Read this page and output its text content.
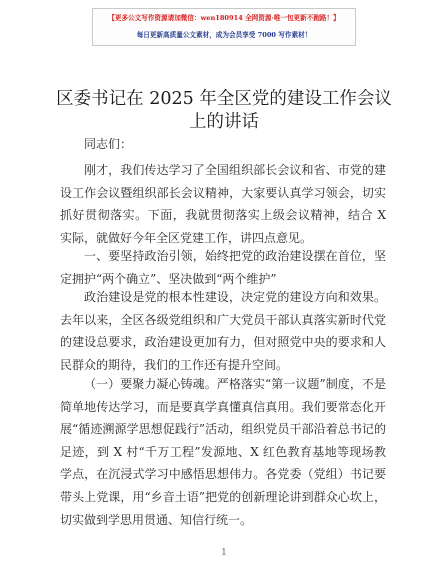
【更多公文写作资源请加微信：wen180914 全网资源·唯一包更新不跑路！】
每日更新高质量公文素材，成为会员享受 7000 写作素材！
区委书记在 2025 年全区党的建设工作会议上的讲话
同志们：
刚才，我们传达学习了全国组织部长会议和省、市党的建设工作会议暨组织部长会议精神，大家要认真学习领会，切实抓好贯彻落实。下面，我就贯彻落实上级会议精神，结合 X 实际，就做好今年全区党建工作，讲四点意见。
一、要坚持政治引领，始终把党的政治建设摆在首位，坚定拥护“两个确立”、坚决做到“两个维护”
政治建设是党的根本性建设，决定党的建设方向和效果。去年以来，全区各级党组织和广大党员干部认真落实新时代党的建设总要求，政治建设更加有力，但对照党中央的要求和人民群众的期待，我们的工作还有提升空间。
（一）要聚力凝心铸魂。严格落实“第一议题”制度，不是简单地传达学习，而是要真学真懂真信真用。我们要常态化开展“循迹溯源学思想促践行”活动，组织党员干部沿着总书记的足迹，到 X 村“千万工程”发源地、X 红色教育基地等现场教学点，在沉浸式学习中感悟思想伟力。各党委（党组）书记要带头上党课，用“乡音土语”把党的创新理论讲到群众心坎上，切实做到学思用贯通、知信行统一。
1
